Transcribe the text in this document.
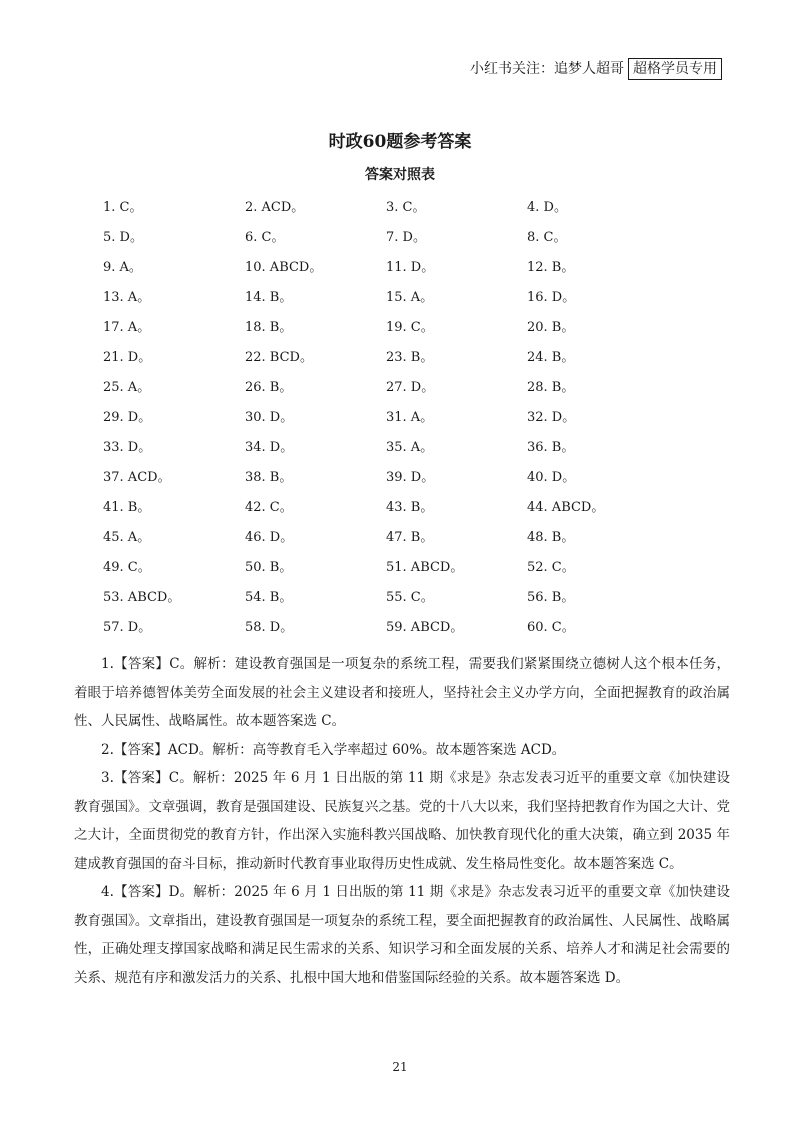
小红书关注：追梦人超哥 超格学员专用
时政60题参考答案
答案对照表
1. C。	2. ACD。	3. C。	4. D。
5. D。	6. C。	7. D。	8. C。
9. A。	10. ABCD。	11. D。	12. B。
13. A。	14. B。	15. A。	16. D。
17. A。	18. B。	19. C。	20. B。
21. D。	22. BCD。	23. B。	24. B。
25. A。	26. B。	27. D。	28. B。
29. D。	30. D。	31. A。	32. D。
33. D。	34. D。	35. A。	36. B。
37. ACD。	38. B。	39. D。	40. D。
41. B。	42. C。	43. B。	44. ABCD。
45. A。	46. D。	47. B。	48. B。
49. C。	50. B。	51. ABCD。	52. C。
53. ABCD。	54. B。	55. C。	56. B。
57. D。	58. D。	59. ABCD。	60. C。

1.【答案】C。解析：建设教育强国是一项复杂的系统工程，需要我们紧紧围绕立德树人这个根本任务，着眼于培养德智体美劳全面发展的社会主义建设者和接班人，坚持社会主义办学方向，全面把握教育的政治属性、人民属性、战略属性。故本题答案选 C。

2.【答案】ACD。解析：高等教育毛入学率超过 60%。故本题答案选 ACD。

3.【答案】C。解析：2025 年 6 月 1 日出版的第 11 期《求是》杂志发表习近平的重要文章《加快建设教育强国》。文章强调，教育是强国建设、民族复兴之基。党的十八大以来，我们坚持把教育作为国之大计、党之大计，全面贯彻党的教育方针，作出深入实施科教兴国战略、加快教育现代化的重大决策，确立到 2035 年建成教育强国的奋斗目标，推动新时代教育事业取得历史性成就、发生格局性变化。故本题答案选 C。

4.【答案】D。解析：2025 年 6 月 1 日出版的第 11 期《求是》杂志发表习近平的重要文章《加快建设教育强国》。文章指出，建设教育强国是一项复杂的系统工程，要全面把握教育的政治属性、人民属性、战略属性，正确处理支撑国家战略和满足民生需求的关系、知识学习和全面发展的关系、培养人才和满足社会需要的关系、规范有序和激发活力的关系、扎根中国大地和借鉴国际经验的关系。故本题答案选 D。

21
